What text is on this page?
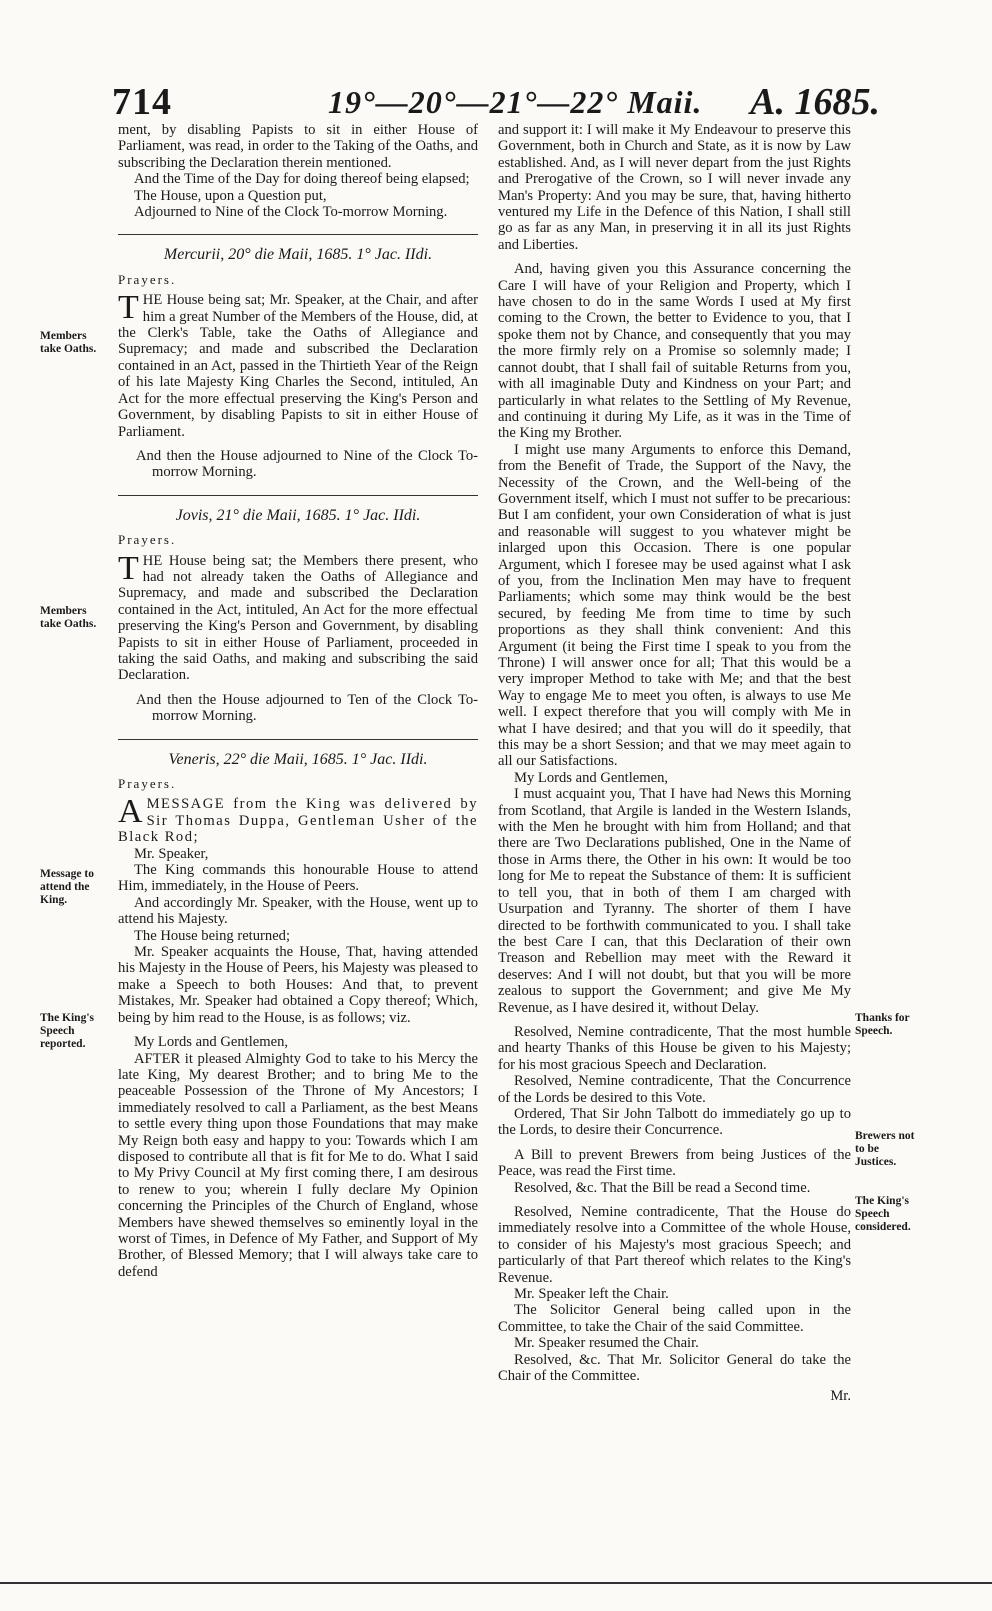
714	19°—20°—21°—22° Maii. A. 1685.

ment, by disabling Papists to sit in either House of Parliament, was read, in order to the Taking of the Oaths, and subscribing the Declaration therein mentioned.

And the Time of the Day for doing thereof being elapsed;

The House, upon a Question put,

Adjourned to Nine of the Clock To-morrow Morning.

Mercurii, 20° die Maii, 1685. 1° Jac. IIdi.

Prayers.

THE House being sat; Mr. Speaker, at the Chair, and after him a great Number of the Members of the House, did, at the Clerk's Table, take the Oaths of Allegiance and Supremacy; and made and subscribed the Declaration contained in an Act, passed in the Thirtieth Year of the Reign of his late Majesty King Charles the Second, intituled, An Act for the more effectual preserving the King's Person and Government, by disabling Papists to sit in either House of Parliament.

And then the House adjourned to Nine of the Clock To-morrow Morning.

Jovis, 21° die Maii, 1685. 1° Jac. IIdi.

Prayers.

THE House being sat; the Members there present, who had not already taken the Oaths of Allegiance and Supremacy, and made and subscribed the Declaration contained in the Act, intituled, An Act for the more effectual preserving the King's Person and Government, by disabling Papists to sit in either House of Parliament, proceeded in taking the said Oaths, and making and subscribing the said Declaration.

And then the House adjourned to Ten of the Clock To-morrow Morning.

Veneris, 22° die Maii, 1685. 1° Jac. IIdi.

Prayers.

AMESSAGE from the King was delivered by Sir Thomas Duppa, Gentleman Usher of the Black Rod;

Mr. Speaker,

The King commands this honourable House to attend Him, immediately, in the House of Peers.

And accordingly Mr. Speaker, with the House, went up to attend his Majesty.

The House being returned;

Mr. Speaker acquaints the House, That, having attended his Majesty in the House of Peers, his Majesty was pleased to make a Speech to both Houses: And that, to prevent Mistakes, Mr. Speaker had obtained a Copy thereof; Which, being by him read to the House, is as follows; viz.

My Lords and Gentlemen,

AFTER it pleased Almighty God to take to his Mercy the late King, My dearest Brother; and to bring Me to the peaceable Possession of the Throne of My Ancestors; I immediately resolved to call a Parliament, as the best Means to settle every thing upon those Foundations that may make My Reign both easy and happy to you: Towards which I am disposed to contribute all that is fit for Me to do. What I said to My Privy Council at My first coming there, I am desirous to renew to you; wherein I fully declare My Opinion concerning the Principles of the Church of England, whose Members have shewed themselves so eminently loyal in the worst of Times, in Defence of My Father, and Support of My Brother, of Blessed Memory; that I will always take care to defend

and support it: I will make it My Endeavour to preserve this Government, both in Church and State, as it is now by Law established. And, as I will never depart from the just Rights and Prerogative of the Crown, so I will never invade any Man's Property: And you may be sure, that, having hitherto ventured my Life in the Defence of this Nation, I shall still go as far as any Man, in preserving it in all its just Rights and Liberties.

And, having given you this Assurance concerning the Care I will have of your Religion and Property, which I have chosen to do in the same Words I used at My first coming to the Crown, the better to Evidence to you, that I spoke them not by Chance, and consequently that you may the more firmly rely on a Promise so solemnly made; I cannot doubt, that I shall fail of suitable Returns from you, with all imaginable Duty and Kindness on your Part; and particularly in what relates to the Settling of My Revenue, and continuing it during My Life, as it was in the Time of the King my Brother.

I might use many Arguments to enforce this Demand, from the Benefit of Trade, the Support of the Navy, the Necessity of the Crown, and the Well-being of the Government itself, which I must not suffer to be precarious: But I am confident, your own Consideration of what is just and reasonable will suggest to you whatever might be inlarged upon this Occasion. There is one popular Argument, which I foresee may be used against what I ask of you, from the Inclination Men may have to frequent Parliaments; which some may think would be the best secured, by feeding Me from time to time by such proportions as they shall think convenient: And this Argument (it being the First time I speak to you from the Throne) I will answer once for all; That this would be a very improper Method to take with Me; and that the best Way to engage Me to meet you often, is always to use Me well. I expect therefore that you will comply with Me in what I have desired; and that you will do it speedily, that this may be a short Session; and that we may meet again to all our Satisfactions.

My Lords and Gentlemen,

I must acquaint you, That I have had News this Morning from Scotland, that Argile is landed in the Western Islands, with the Men he brought with him from Holland; and that there are Two Declarations published, One in the Name of those in Arms there, the Other in his own: It would be too long for Me to repeat the Substance of them: It is sufficient to tell you, that in both of them I am charged with Usurpation and Tyranny. The shorter of them I have directed to be forthwith communicated to you. I shall take the best Care I can, that this Declaration of their own Treason and Rebellion may meet with the Reward it deserves: And I will not doubt, but that you will be more zealous to support the Government; and give Me My Revenue, as I have desired it, without Delay.

Resolved, Nemine contradicente, That the most humble and hearty Thanks of this House be given to his Majesty; for his most gracious Speech and Declaration.

Resolved, Nemine contradicente, That the Concurrence of the Lords be desired to this Vote.

Ordered, That Sir John Talbott do immediately go up to the Lords, to desire their Concurrence.

A Bill to prevent Brewers from being Justices of the Peace, was read the First time.

Resolved, &c. That the Bill be read a Second time.

Resolved, Nemine contradicente, That the House do immediately resolve into a Committee of the whole House, to consider of his Majesty's most gracious Speech; and particularly of that Part thereof which relates to the King's Revenue.

Mr. Speaker left the Chair.

The Solicitor General being called upon in the Committee, to take the Chair of the said Committee.

Mr. Speaker resumed the Chair.

Resolved, &c. That Mr. Solicitor General do take the Chair of the Committee.

Mr.

Members take Oaths.
Members take Oaths.
Message to attend the King.
The King's Speech reported.
Thanks for Speech.
Brewers not to be Justices.
The King's Speech considered.
